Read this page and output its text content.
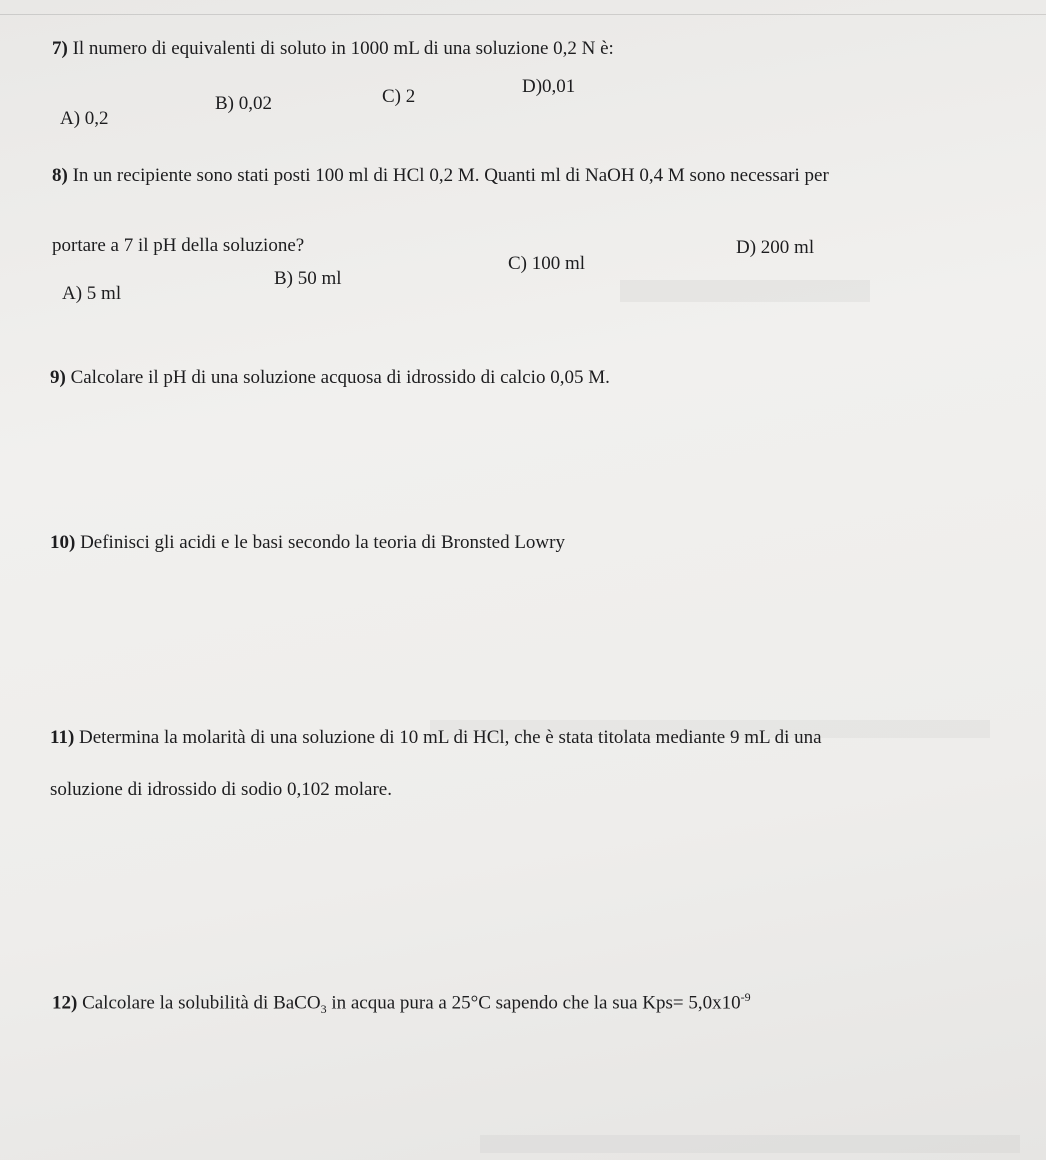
7) Il numero di equivalenti di soluto in 1000 mL di una soluzione 0,2 N è:
A) 0,2
B) 0,02	C) 2	D)0,01
8) In un recipiente sono stati posti 100 ml di HCl 0,2 M. Quanti ml di NaOH 0,4 M sono necessari per
portare a 7 il pH della soluzione?
A) 5 ml
B) 50 ml
C) 100 ml
D) 200 ml
9) Calcolare il pH di una soluzione acquosa di idrossido di calcio 0,05 M.
10) Definisci gli acidi e le basi secondo la teoria di Bronsted Lowry
11) Determina la molarità di una soluzione di 10 mL di HCl, che è stata titolata mediante 9 mL di una
soluzione di idrossido di sodio 0,102 molare.
12) Calcolare la solubilità di BaCO$_3$ in acqua pura a 25°C sapendo che la sua $Kps= 5,0x10^{-9}$
